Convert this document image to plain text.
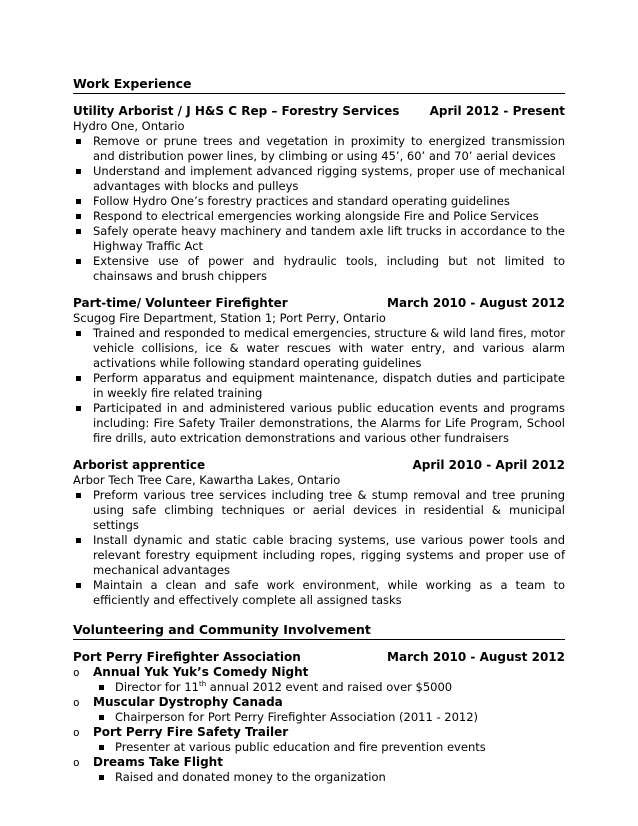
Work Experience
Utility Arborist / J H&S C Rep – Forestry Services	April 2012 - Present
Hydro One, Ontario
Remove or prune trees and vegetation in proximity to energized transmission and distribution power lines, by climbing or using 45’, 60’ and 70’ aerial devices
Understand and implement advanced rigging systems, proper use of mechanical advantages with blocks and pulleys
Follow Hydro One’s forestry practices and standard operating guidelines
Respond to electrical emergencies working alongside Fire and Police Services
Safely operate heavy machinery and tandem axle lift trucks in accordance to the Highway Traffic Act
Extensive use of power and hydraulic tools, including but not limited to chainsaws and brush chippers
Part-time/ Volunteer Firefighter	March 2010 - August 2012
Scugog Fire Department, Station 1; Port Perry, Ontario
Trained and responded to medical emergencies, structure & wild land fires, motor vehicle collisions, ice & water rescues with water entry, and various alarm activations while following standard operating guidelines
Perform apparatus and equipment maintenance, dispatch duties and participate in weekly fire related training
Participated in and administered various public education events and programs including: Fire Safety Trailer demonstrations, the Alarms for Life Program, School fire drills, auto extrication demonstrations and various other fundraisers
Arborist apprentice	April 2010 - April 2012
Arbor Tech Tree Care, Kawartha Lakes, Ontario
Preform various tree services including tree & stump removal and tree pruning using safe climbing techniques or aerial devices in residential & municipal settings
Install dynamic and static cable bracing systems, use various power tools and relevant forestry equipment including ropes, rigging systems and proper use of mechanical advantages
Maintain a clean and safe work environment, while working as a team to efficiently and effectively complete all assigned tasks
Volunteering and Community Involvement
Port Perry Firefighter Association	March 2010 - August 2012
o Annual Yuk Yuk’s Comedy Night
Director for 11th annual 2012 event and raised over $5000
o Muscular Dystrophy Canada
Chairperson for Port Perry Firefighter Association (2011 - 2012)
o Port Perry Fire Safety Trailer
Presenter at various public education and fire prevention events
o Dreams Take Flight
Raised and donated money to the organization
